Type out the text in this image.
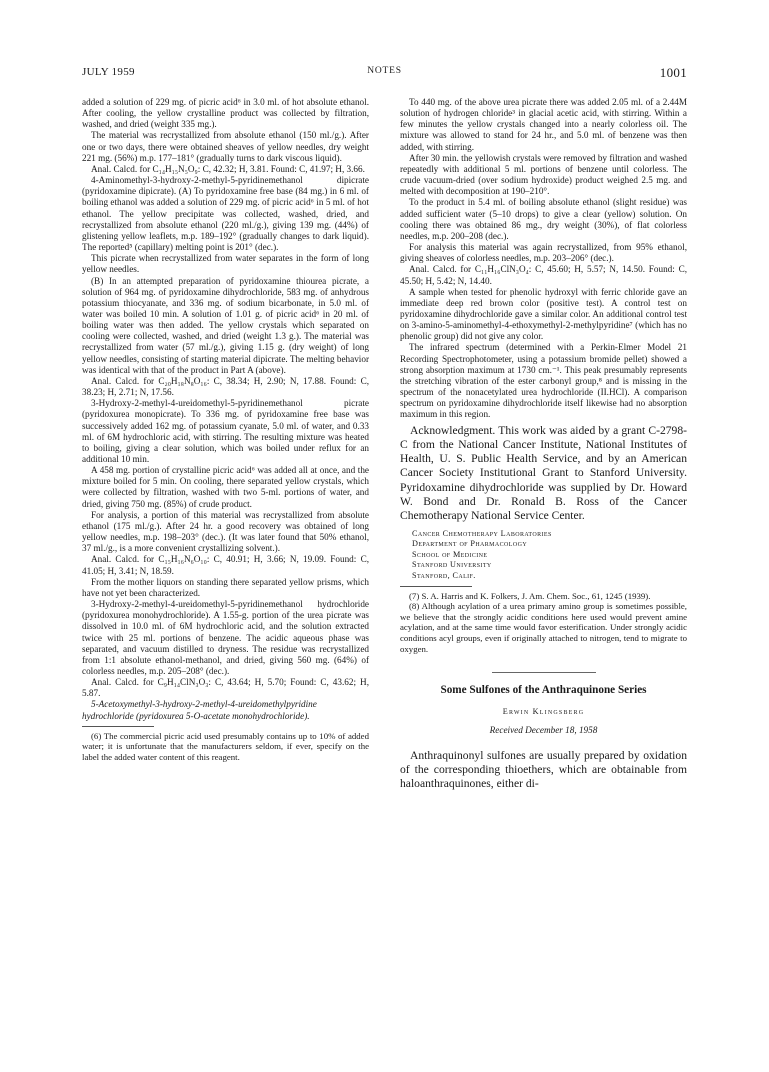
JULY 1959	NOTES	1001

added a solution of 229 mg. of picric acid⁶ in 3.0 ml. of hot absolute ethanol. After cooling, the yellow crystalline product was collected by filtration, washed, and dried (weight 335 mg.).

The material was recrystallized from absolute ethanol (150 ml./g.). After one or two days, there were obtained sheaves of yellow needles, dry weight 221 mg. (56%) m.p. 177–181° (gradually turns to dark viscous liquid).

Anal. Calcd. for C₁₄H₁₅N₅O₉: C, 42.32; H, 3.81. Found: C, 41.97; H, 3.66.

4-Aminomethyl-3-hydroxy-2-methyl-5-pyridinemethanol dipicrate (pyridoxamine dipicrate). (A) To pyridoxamine free base (84 mg.) in 6 ml. of boiling ethanol was added a solution of 229 mg. of picric acid⁶ in 5 ml. of hot ethanol. The yellow precipitate was collected, washed, dried, and recrystallized from absolute ethanol (220 ml./g.), giving 139 mg. (44%) of glistening yellow leaflets, m.p. 189–192° (gradually changes to dark liquid). The reported⁵ (capillary) melting point is 201° (dec.).

This picrate when recrystallized from water separates in the form of long yellow needles.

(B) In an attempted preparation of pyridoxamine thiourea picrate, a solution of 964 mg. of pyridoxamine dihydrochloride, 583 mg. of anhydrous potassium thiocyanate, and 336 mg. of sodium bicarbonate, in 5.0 ml. of water was boiled 10 min. A solution of 1.01 g. of picric acid⁶ in 20 ml. of boiling water was then added. The yellow crystals which separated on cooling were collected, washed, and dried (weight 1.3 g.). The material was recrystallized from water (57 ml./g.), giving 1.15 g. (dry weight) of long yellow needles, consisting of starting material dipicrate. The melting behavior was identical with that of the product in Part A (above).

Anal. Calcd. for C₂₀H₁₈N₈O₁₆: C, 38.34; H, 2.90; N, 17.88. Found: C, 38.23; H, 2.71; N, 17.56.

3-Hydroxy-2-methyl-4-ureidomethyl-5-pyridinemethanol picrate (pyridoxurea monopicrate). To 336 mg. of pyridoxamine free base was successively added 162 mg. of potassium cyanate, 5.0 ml. of water, and 0.33 ml. of 6M hydrochloric acid, with stirring. The resulting mixture was heated to boiling, giving a clear solution, which was boiled under reflux for an additional 10 min.

A 458 mg. portion of crystalline picric acid⁶ was added all at once, and the mixture boiled for 5 min. On cooling, there separated yellow crystals, which were collected by filtration, washed with two 5-ml. portions of water, and dried, giving 750 mg. (85%) of crude product.

For analysis, a portion of this material was recrystallized from absolute ethanol (175 ml./g.). After 24 hr. a good recovery was obtained of long yellow needles, m.p. 198–203° (dec.). (It was later found that 50% ethanol, 37 ml./g., is a more convenient crystallizing solvent.).

Anal. Calcd. for C₁₅H₁₆N₆O₁₀: C, 40.91; H, 3.66; N, 19.09. Found: C, 41.05; H, 3.41; N, 18.59.

From the mother liquors on standing there separated yellow prisms, which have not yet been characterized.

3-Hydroxy-2-methyl-4-ureidomethyl-5-pyridinemethanol hydrochloride (pyridoxurea monohydrochloride). A 1.55-g. portion of the urea picrate was dissolved in 10.0 ml. of 6M hydrochloric acid, and the solution extracted twice with 25 ml. portions of benzene. The acidic aqueous phase was separated, and vacuum distilled to dryness. The residue was recrystallized from 1:1 absolute ethanol-methanol, and dried, giving 560 mg. (64%) of colorless needles, m.p. 205–208° (dec.).

Anal. Calcd. for C₉H₁₄ClN₃O₃: C, 43.64; H, 5.70; Found: C, 43.62; H, 5.87.

5-Acetoxymethyl-3-hydroxy-2-methyl-4-ureidomethylpyridine hydrochloride (pyridoxurea 5-O-acetate monohydrochloride).

(6) The commercial picric acid used presumably contains up to 10% of added water; it is unfortunate that the manufacturers seldom, if ever, specify on the label the added water content of this reagent.

To 440 mg. of the above urea picrate there was added 2.05 ml. of a 2.44M solution of hydrogen chloride³ in glacial acetic acid, with stirring. Within a few minutes the yellow crystals changed into a nearly colorless oil. The mixture was allowed to stand for 24 hr., and 5.0 ml. of benzene was then added, with stirring.

After 30 min. the yellowish crystals were removed by filtration and washed repeatedly with additional 5 ml. portions of benzene until colorless. The crude vacuum-dried (over sodium hydroxide) product weighed 2.5 mg. and melted with decomposition at 190–210°.

To the product in 5.4 ml. of boiling absolute ethanol (slight residue) was added sufficient water (5–10 drops) to give a clear (yellow) solution. On cooling there was obtained 86 mg., dry weight (30%), of flat colorless needles, m.p. 200–208 (dec.).

For analysis this material was again recrystallized, from 95% ethanol, giving sheaves of colorless needles, m.p. 203–206° (dec.).

Anal. Calcd. for C₁₁H₁₆ClN₃O₄: C, 45.60; H, 5.57; N, 14.50. Found: C, 45.50; H, 5.42; N, 14.40.

A sample when tested for phenolic hydroxyl with ferric chloride gave an immediate deep red brown color (positive test). A control test on pyridoxamine dihydrochloride gave a similar color. An additional control test on 3-amino-5-aminomethyl-4-ethoxymethyl-2-methylpyridine⁷ (which has no phenolic group) did not give any color.

The infrared spectrum (determined with a Perkin-Elmer Model 21 Recording Spectrophotometer, using a potassium bromide pellet) showed a strong absorption maximum at 1730 cm.⁻¹. This peak presumably represents the stretching vibration of the ester carbonyl group,⁸ and is missing in the spectrum of the nonacetylated urea hydrochloride (II.HCl). A comparison spectrum on pyridoxamine dihydrochloride itself likewise had no absorption maximum in this region.

Acknowledgment. This work was aided by a grant C-2798-C from the National Cancer Institute, National Institutes of Health, U. S. Public Health Service, and by an American Cancer Society Institutional Grant to Stanford University. Pyridoxamine dihydrochloride was supplied by Dr. Howard W. Bond and Dr. Ronald B. Ross of the Cancer Chemotherapy National Service Center.

Cancer Chemotherapy Laboratories
Department of Pharmacology
School of Medicine
Stanford University
Stanford, Calif.

(7) S. A. Harris and K. Folkers, J. Am. Chem. Soc., 61, 1245 (1939).

(8) Although acylation of a urea primary amino group is sometimes possible, we believe that the strongly acidic conditions here used would prevent amine acylation, and at the same time would favor esterification. Under strongly acidic conditions acyl groups, even if originally attached to nitrogen, tend to migrate to oxygen.

Some Sulfones of the Anthraquinone Series
Erwin Klingsberg
Received December 18, 1958

Anthraquinonyl sulfones are usually prepared by oxidation of the corresponding thioethers, which are obtainable from haloanthraquinones, either di-
